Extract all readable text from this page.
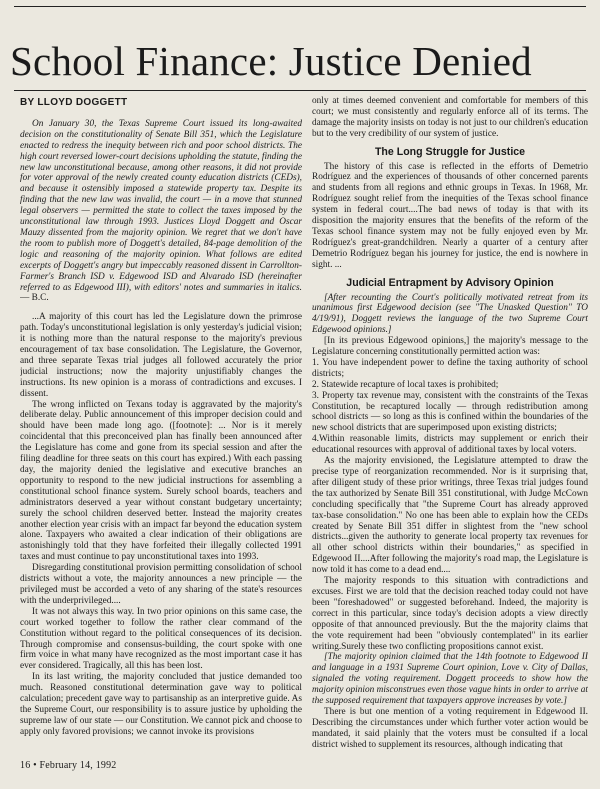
School Finance: Justice Denied
BY LLOYD DOGGETT

On January 30, the Texas Supreme Court issued its long-awaited decision on the constitutionality of Senate Bill 351, which the Legislature enacted to redress the inequity between rich and poor school districts. The high court reversed lower-court decisions upholding the statute, finding the new law unconstitutional because, among other reasons, it did not provide for voter approval of the newly created county education districts (CEDs), and because it ostensibly imposed a statewide property tax. Despite its finding that the new law was invalid, the court — in a move that stunned legal observers — permitted the state to collect the taxes imposed by the unconstitutional law through 1993. Justices Lloyd Doggett and Oscar Mauzy dissented from the majority opinion. We regret that we don't have the room to publish more of Doggett's detailed, 84-page demolition of the logic and reasoning of the majority opinion. What follows are edited excerpts of Doggett's angry but impeccably reasoned dissent in Carrollton-Farmer's Branch ISD v. Edgewood ISD and Alvarado ISD (hereinafter referred to as Edgewood III), with editors' notes and summaries in italics. — B.C.

...A majority of this court has led the Legislature down the primrose path. Today's unconstitutional legislation is only yesterday's judicial vision; it is nothing more than the natural response to the majority's previous encouragement of tax base consolidation. The Legislature, the Governor, and three separate Texas trial judges all followed accurately the prior judicial instructions; now the majority unjustifiably changes the instructions. Its new opinion is a morass of contradictions and excuses. I dissent.

The wrong inflicted on Texans today is aggravated by the majority's deliberate delay. Public announcement of this improper decision could and should have been made long ago. ([footnote]: ... Nor is it merely coincidental that this preconceived plan has finally been announced after the Legislature has come and gone from its special session and after the filing deadline for three seats on this court has expired.) With each passing day, the majority denied the legislative and executive branches an opportunity to respond to the new judicial instructions for assembling a constitutional school finance system. Surely school boards, teachers and administrators deserved a year without constant budgetary uncertainty; surely the school children deserved better. Instead the majority creates another election year crisis with an impact far beyond the education system alone. Taxpayers who awaited a clear indication of their obligations are astonishingly told that they have forfeited their illegally collected 1991 taxes and must continue to pay unconstitutional taxes into 1993.

Disregarding constitutional provision permitting consolidation of school districts without a vote, the majority announces a new principle — the privileged must be accorded a veto of any sharing of the state's resources with the underprivileged....

It was not always this way. In two prior opinions on this same case, the court worked together to follow the rather clear command of the Constitution without regard to the political consequences of its decision. Through compromise and consensus-building, the court spoke with one firm voice in what many have recognized as the most important case it has ever considered. Tragically, all this has been lost.

In its last writing, the majority concluded that justice demanded too much. Reasoned constitutional determination gave way to political calculation; precedent gave way to partisanship as an interpretive guide. As the Supreme Court, our responsibility is to assure justice by upholding the supreme law of our state — our Constitution. We cannot pick and choose to apply only favored provisions; we cannot invoke its provisions

only at times deemed convenient and comfortable for members of this court; we must consistently and regularly enforce all of its terms. The damage the majority insists on today is not just to our children's education but to the very credibility of our system of justice.

The Long Struggle for Justice

The history of this case is reflected in the efforts of Demetrio Rodríguez and the experiences of thousands of other concerned parents and students from all regions and ethnic groups in Texas. In 1968, Mr. Rodríguez sought relief from the inequities of the Texas school finance system in federal court....The bad news of today is that with its disposition the majority ensures that the benefits of the reform of the Texas school finance system may not be fully enjoyed even by Mr. Rodríguez's great-grandchildren. Nearly a quarter of a century after Demetrio Rodríguez began his journey for justice, the end is nowhere in sight. ...

Judicial Entrapment by Advisory Opinion

[After recounting the Court's politically motivated retreat from its unanimous first Edgewood decision (see "The Unasked Question" TO 4/19/91), Doggett reviews the language of the two Supreme Court Edgewood opinions.]

[In its previous Edgewood opinions,] the majority's message to the Legislature concerning constitutionally permitted action was:

1. You have independent power to define the taxing authority of school districts;

2. Statewide recapture of local taxes is prohibited;

3. Property tax revenue may, consistent with the constraints of the Texas Constitution, be recaptured locally — through redistribution among school districts — so long as this is confined within the boundaries of the new school districts that are superimposed upon existing districts;

4.Within reasonable limits, districts may supplement or enrich their educational resources with approval of additional taxes by local voters.

As the majority envisioned, the Legislature attempted to draw the precise type of reorganization recommended. Nor is it surprising that, after diligent study of these prior writings, three Texas trial judges found the tax authorized by Senate Bill 351 constitutional, with Judge McCown concluding specifically that "the Supreme Court has already approved tax-base consolidation." No one has been able to explain how the CEDs created by Senate Bill 351 differ in slightest from the "new school districts...given the authority to generate local property tax revenues for all other school districts within their boundaries," as specified in Edgewood II....After following the majority's road map, the Legislature is now told it has come to a dead end....

The majority responds to this situation with contradictions and excuses. First we are told that the decision reached today could not have been "foreshadowed" or suggested beforehand. Indeed, the majority is correct in this particular, since today's decision adopts a view directly opposite of that announced previously. But the the majority claims that the vote requirement had been "obviously contemplated" in its earlier writing.Surely these two conflicting propositions cannot exist.

[The majority opinion claimed that the 14th footnote to Edgewood II and language in a 1931 Supreme Court opinion, Love v. City of Dallas, signaled the voting requirement. Doggett proceeds to show how the majority opinion misconstrues even those vague hints in order to arrive at the supposed requirement that taxpayers approve increases by vote.]

There is but one mention of a voting requirement in Edgewood II. Describing the circumstances under which further voter action would be mandated, it said plainly that the voters must be consulted if a local district wished to supplement its resources, although indicating that

16 • February 14, 1992
